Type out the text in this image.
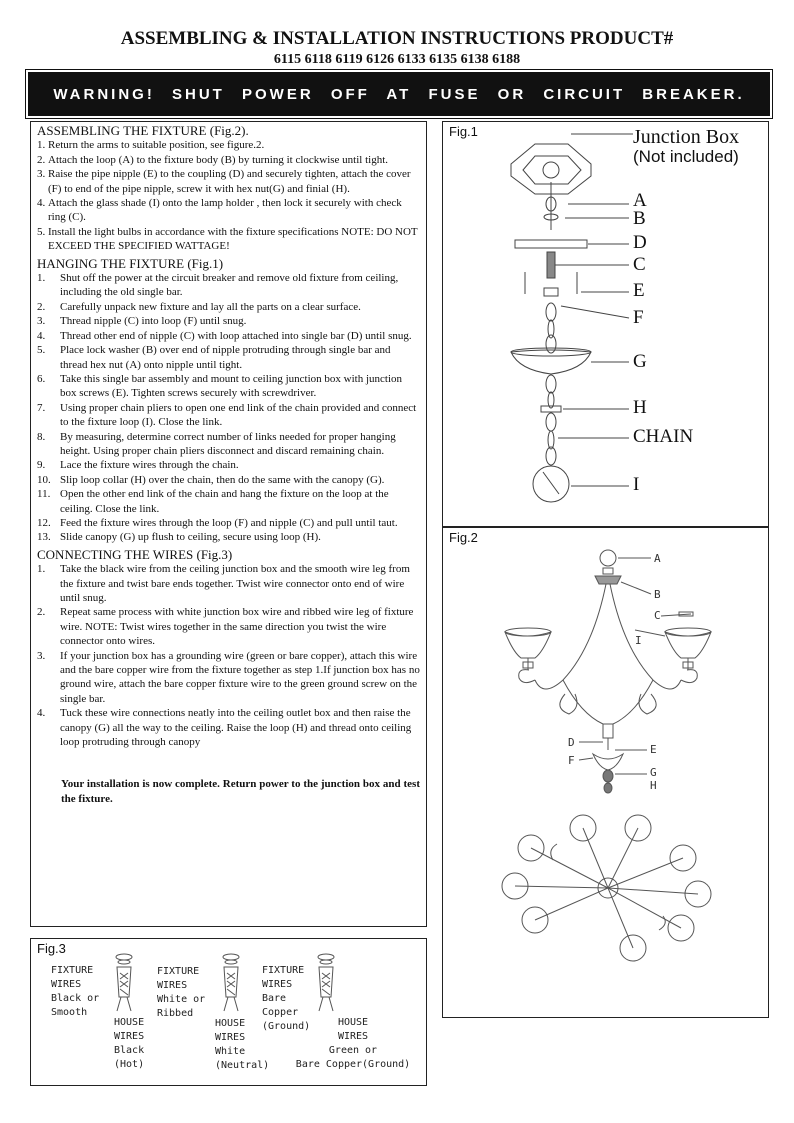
ASSEMBLING & INSTALLATION INSTRUCTIONS PRODUCT#
6115 6118 6119 6126 6133 6135 6138 6188
WARNING! SHUT POWER OFF AT FUSE OR CIRCUIT BREAKER.
ASSEMBLING THE FIXTURE (Fig.2).
1. Return the arms to suitable position, see figure.2.
2. Attach the loop (A) to the fixture body (B) by turning it clockwise until tight.
3. Raise the pipe nipple (E) to the coupling (D) and securely tighten, attach the cover (F) to end of the pipe nipple, screw it with hex nut(G) and finial (H).
4. Attach the glass shade (I) onto the lamp holder , then lock it securely with check ring (C).
5. Install the light bulbs in accordance with the fixture specifications NOTE: DO NOT EXCEED THE SPECIFIED WATTAGE!
HANGING THE FIXTURE (Fig.1)
1. Shut off the power at the circuit breaker and remove old fixture from ceiling, including the old single bar.
2. Carefully unpack new fixture and lay all the parts on a clear surface.
3. Thread nipple (C) into loop (F) until snug.
4. Thread other end of nipple (C) with loop attached into single bar (D) until snug.
5. Place lock washer (B) over end of nipple protruding through single bar and thread hex nut (A) onto nipple until tight.
6. Take this single bar assembly and mount to ceiling junction box with junction box screws (E). Tighten screws securely with screwdriver.
7. Using proper chain pliers to open one end link of the chain provided and connect to the fixture loop (I). Close the link.
8. By measuring, determine correct number of links needed for proper hanging height. Using proper chain pliers disconnect and discard remaining chain.
9. Lace the fixture wires through the chain.
10. Slip loop collar (H) over the chain, then do the same with the canopy (G).
11. Open the other end link of the chain and hang the fixture on the loop at the ceiling. Close the link.
12. Feed the fixture wires through the loop (F) and nipple (C) and pull until taut.
13. Slide canopy (G) up flush to ceiling, secure using loop (H).
CONNECTING THE WIRES (Fig.3)
1. Take the black wire from the ceiling junction box and the smooth wire leg from the fixture and twist bare ends together. Twist wire connector onto end of wire until snug.
2. Repeat same process with white junction box wire and ribbed wire leg of fixture wire. NOTE: Twist wires together in the same direction you twist the wire connector onto wires.
3. If your junction box has a grounding wire (green or bare copper), attach this wire and the bare copper wire from the fixture together as step 1.If junction box has no ground wire, attach the bare copper fixture wire to the green ground screw on the single bar.
4. Tuck these wire connections neatly into the ceiling outlet box and then raise the canopy (G) all the way to the ceiling. Raise the loop (H) and thread onto ceiling loop protruding through canopy
Your installation is now complete. Return power to the junction box and test the fixture.
Fig.3
FIXTURE
WIRES
Black or
Smooth
HOUSE
WIRES
Black
(Hot)
FIXTURE
WIRES
White or
Ribbed
HOUSE
WIRES
White
(Neutral)
FIXTURE
WIRES
Bare
Copper
(Ground)	HOUSE
WIRES
Green or
Bare Copper(Ground)
Fig.1	Junction Box
(Not included)
A
B
D
C
E
F
G
H
CHAIN
I
Fig.2
A
B
C
I
D
E
F
G
H
